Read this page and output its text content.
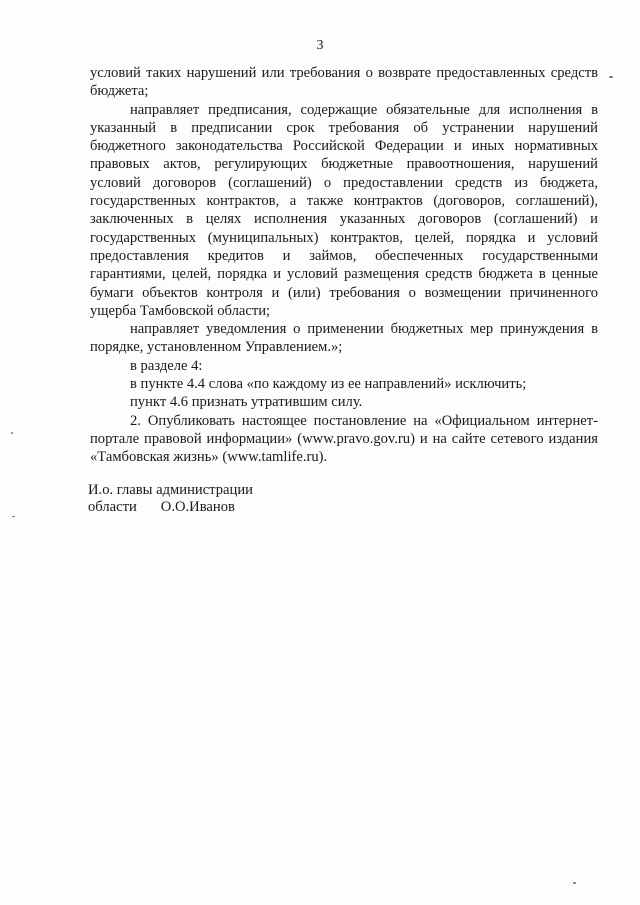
3

условий таких нарушений или требования о возврате предоставленных средств бюджета;

направляет предписания, содержащие обязательные для исполнения в указанный в предписании срок требования об устранении нарушений бюджетного законодательства Российской Федерации и иных нормативных правовых актов, регулирующих бюджетные правоотношения, нарушений условий договоров (соглашений) о предоставлении средств из бюджета, государственных контрактов, а также контрактов (договоров, соглашений), заключенных в целях исполнения указанных договоров (соглашений) и государственных (муниципальных) контрактов, целей, порядка и условий предоставления кредитов и займов, обеспеченных государственными гарантиями, целей, порядка и условий размещения средств бюджета в ценные бумаги объектов контроля и (или) требования о возмещении причиненного ущерба Тамбовской области;

направляет уведомления о применении бюджетных мер принуждения в порядке, установленном Управлением.»;

в разделе 4:

в пункте 4.4 слова «по каждому из ее направлений» исключить;

пункт 4.6 признать утратившим силу.

2. Опубликовать настоящее постановление на «Официальном интернет-портале правовой информации» (www.pravo.gov.ru) и на сайте сетевого издания «Тамбовская жизнь» (www.tamlife.ru).

И.о. главы администрации
области О.О.Иванов
